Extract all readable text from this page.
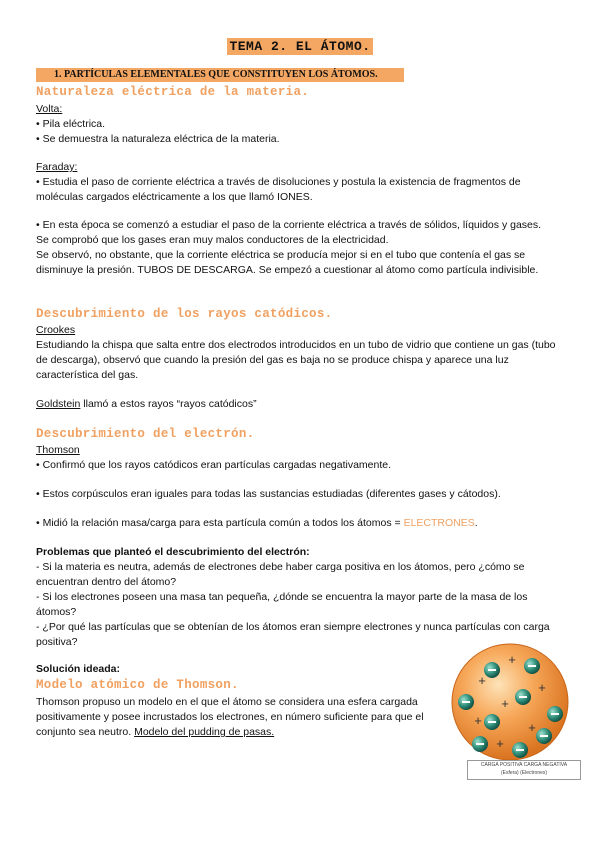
TEMA 2. EL ÁTOMO.
1. PARTÍCULAS ELEMENTALES QUE CONSTITUYEN LOS ÁTOMOS.
Naturaleza eléctrica de la materia.
Volta:
• Pila eléctrica.
• Se demuestra la naturaleza eléctrica de la materia.
Faraday:
• Estudia el paso de corriente eléctrica a través de disoluciones y postula la existencia de fragmentos de moléculas cargados eléctricamente a los que llamó IONES.
• En esta época se comenzó a estudiar el paso de la corriente eléctrica a través de sólidos, líquidos y gases. Se comprobó que los gases eran muy malos conductores de la electricidad.
Se observó, no obstante, que la corriente eléctrica se producía mejor si en el tubo que contenía el gas se disminuye la presión. TUBOS DE DESCARGA. Se empezó a cuestionar al átomo como partícula indivisible.
Descubrimiento de los rayos catódicos.
Crookes
Estudiando la chispa que salta entre dos electrodos introducidos en un tubo de vidrio que contiene un gas (tubo de descarga), observó que cuando la presión del gas es baja no se produce chispa y aparece una luz característica del gas.
Goldstein llamó a estos rayos “rayos catódicos”
Descubrimiento del electrón.
Thomson
• Confirmó que los rayos catódicos eran partículas cargadas negativamente.
• Estos corpúsculos eran iguales para todas las sustancias estudiadas (diferentes gases y cátodos).
• Midió la relación masa/carga para esta partícula común a todos los átomos = ELECTRONES.
Problemas que planteó el descubrimiento del electrón:
- Si la materia es neutra, además de electrones debe haber carga positiva en los átomos, pero ¿cómo se encuentran dentro del átomo?
- Si los electrones poseen una masa tan pequeña, ¿dónde se encuentra la mayor parte de la masa de los átomos?
- ¿Por qué las partículas que se obtenían de los átomos eran siempre electrones y nunca partículas con carga positiva?
Solución ideada:
Modelo atómico de Thomson.
Thomson propuso un modelo en el que el átomo se considera una esfera cargada positivamente y posee incrustados los electrones, en número suficiente para que el conjunto sea neutro. Modelo del pudding de pasas.
+
+	+
+
+	+
+
CARGA POSITIVA CARGA NEGATIVA
(Esfera) (Electrones)
